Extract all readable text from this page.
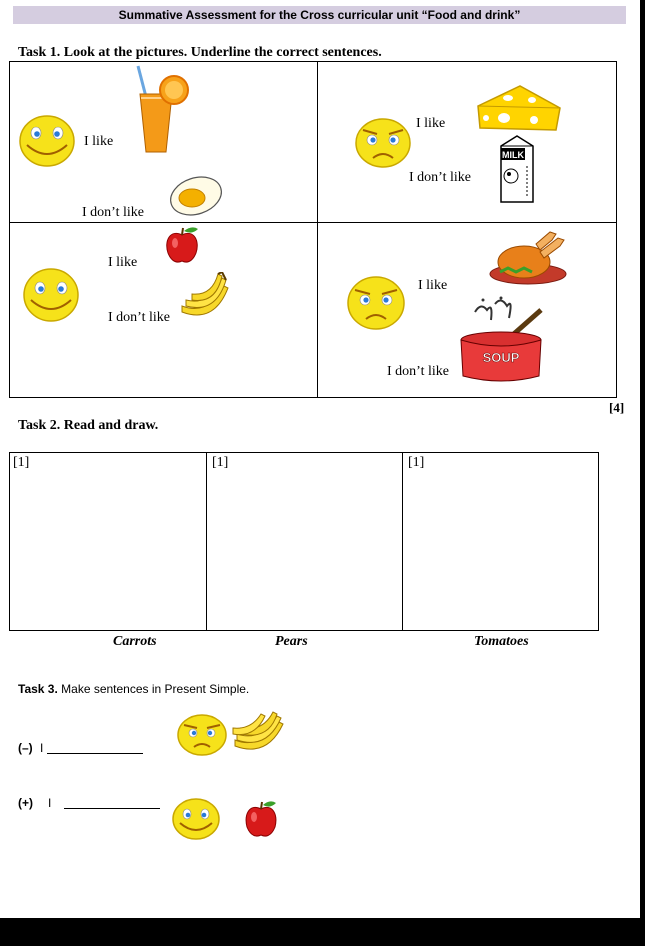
Summative Assessment for the Cross curricular unit “Food and drink”
Task 1. Look at the pictures. Underline the correct sentences.
I like
I don’t like
I like
I don’t like
MILK
I like
I don’t like
I like
I don’t like
SOUP
[4]
Task 2. Read and draw.
[1]	[1]	[1]
Carrots	Pears	Tomatoes
Task 3. Make sentences in Present Simple.
(–) I
(+) I
